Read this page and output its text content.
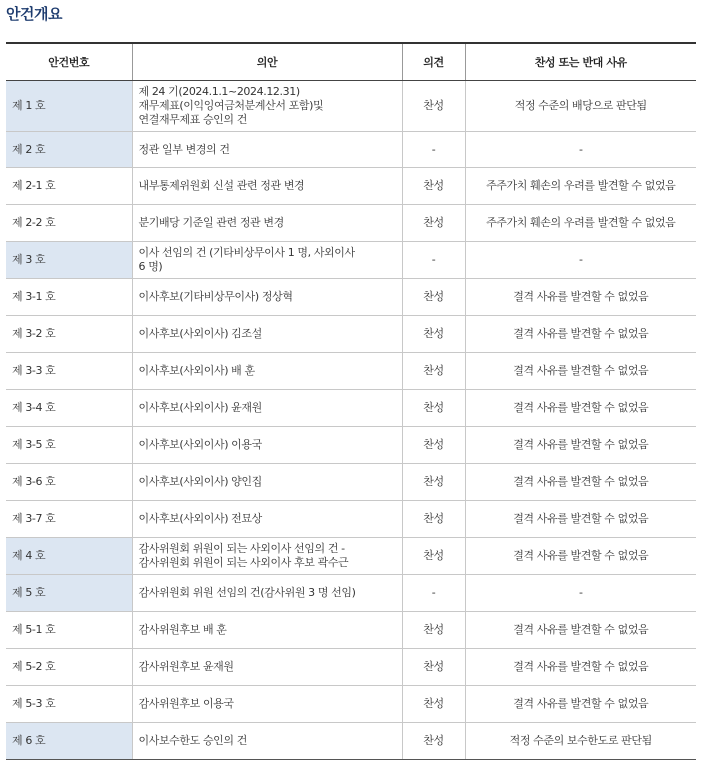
안건개요
안건번호	의안	의견	찬성 또는 반대 사유
제 1 호	제 24 기(2024.1.1~2024.12.31)
재무제표(이익잉여금처분계산서 포함)및
연결재무제표 승인의 건	찬성	적정 수준의 배당으로 판단됨
제 2 호	정관 일부 변경의 건	-	-
제 2-1 호	내부통제위원회 신설 관련 정관 변경	찬성	주주가치 훼손의 우려를 발견할 수 없었음
제 2-2 호	분기배당 기준일 관련 정관 변경	찬성	주주가치 훼손의 우려를 발견할 수 없었음
제 3 호	이사 선임의 건 (기타비상무이사 1 명, 사외이사
6 명)	-	-
제 3-1 호	이사후보(기타비상무이사) 정상혁	찬성	결격 사유를 발견할 수 없었음
제 3-2 호	이사후보(사외이사) 김조설	찬성	결격 사유를 발견할 수 없었음
제 3-3 호	이사후보(사외이사) 배 훈	찬성	결격 사유를 발견할 수 없었음
제 3-4 호	이사후보(사외이사) 윤재원	찬성	결격 사유를 발견할 수 없었음
제 3-5 호	이사후보(사외이사) 이용국	찬성	결격 사유를 발견할 수 없었음
제 3-6 호	이사후보(사외이사) 양인집	찬성	결격 사유를 발견할 수 없었음
제 3-7 호	이사후보(사외이사) 전묘상	찬성	결격 사유를 발견할 수 없었음
제 4 호	감사위원회 위원이 되는 사외이사 선임의 건 -
감사위원회 위원이 되는 사외이사 후보 곽수근	찬성	결격 사유를 발견할 수 없었음
제 5 호	감사위원회 위원 선임의 건(감사위원 3 명 선임)	-	-
제 5-1 호	감사위원후보 배 훈	찬성	결격 사유를 발견할 수 없었음
제 5-2 호	감사위원후보 윤재원	찬성	결격 사유를 발견할 수 없었음
제 5-3 호	감사위원후보 이용국	찬성	결격 사유를 발견할 수 없었음
제 6 호	이사보수한도 승인의 건	찬성	적정 수준의 보수한도로 판단됨
